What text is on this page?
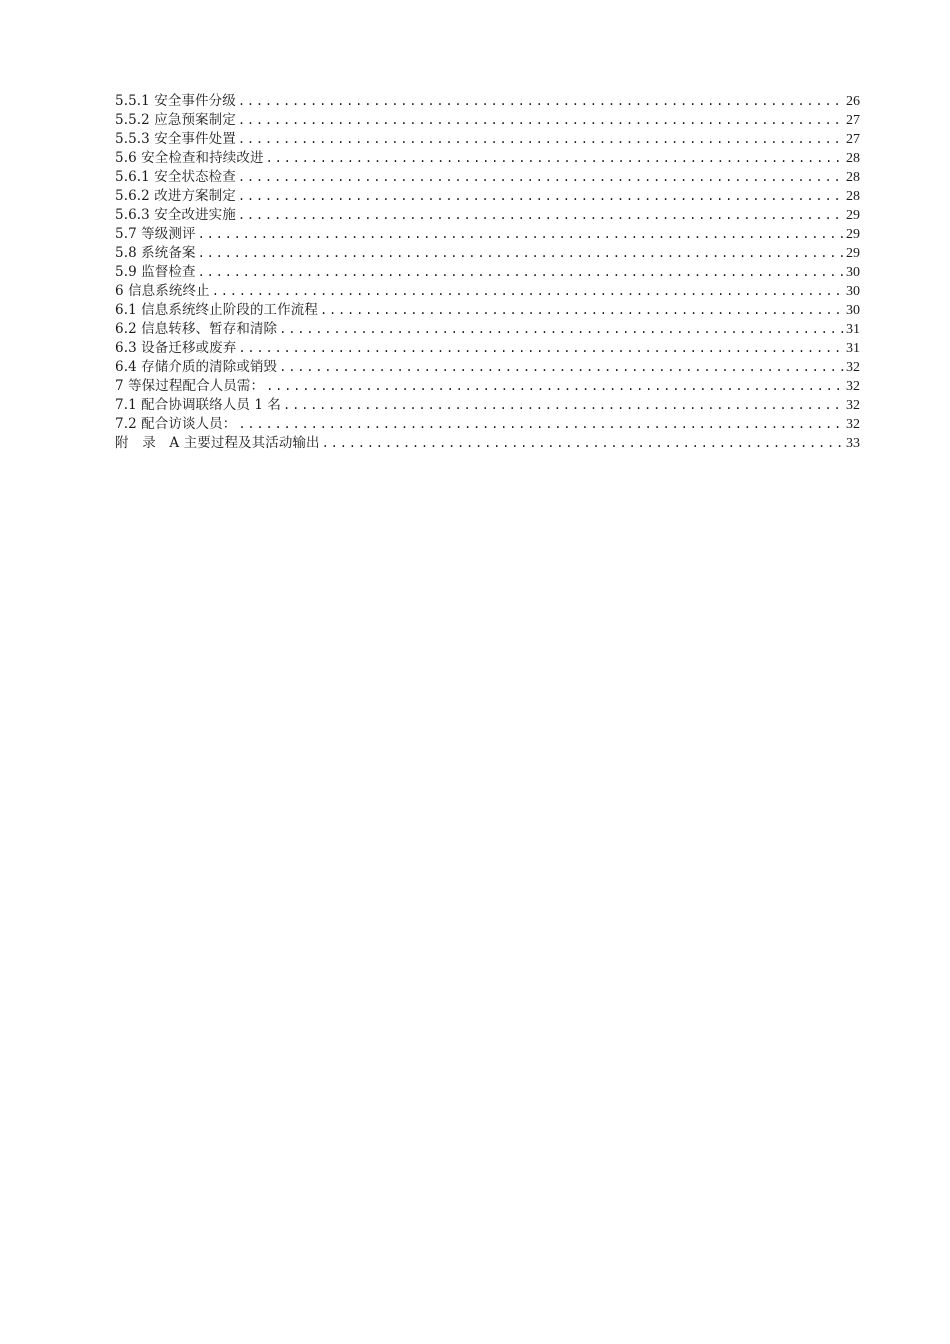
5.5.1 安全事件分级 .....	26
5.5.2 应急预案制定 .....	27
5.5.3 安全事件处置 .....	27
5.6 安全检查和持续改进 .....	28
5.6.1 安全状态检查 .....	28
5.6.2 改进方案制定 .....	28
5.6.3 安全改进实施 .....	29
5.7 等级测评 .....	29
5.8 系统备案 .....	29
5.9 监督检查 .....	30
6 信息系统终止 .....	30
6.1 信息系统终止阶段的工作流程 .....	30
6.2 信息转移、暂存和清除 .....	31
6.3 设备迁移或废弃 .....	31
6.4 存储介质的清除或销毁 .....	32
7 等保过程配合人员需： .....	32
7.1 配合协调联络人员 1 名 .....	32
7.2 配合访谈人员： .....	32
附　录　A 主要过程及其活动输出 .....	33
